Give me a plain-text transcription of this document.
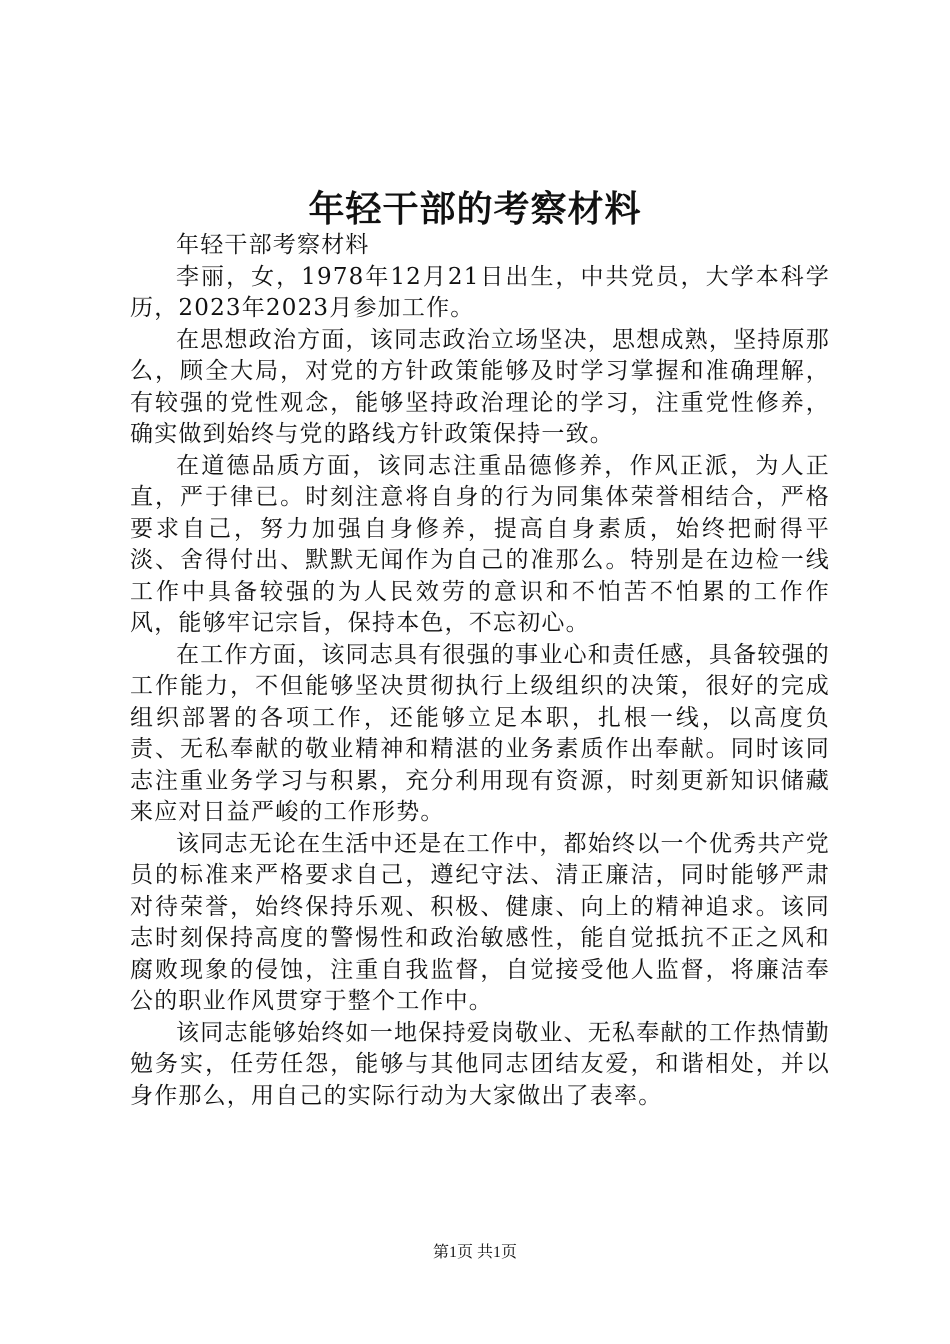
年轻干部的考察材料

年轻干部考察材料

李丽，女，1978年12月21日出生，中共党员，大学本科学历，2023年2023月参加工作。

在思想政治方面，该同志政治立场坚决，思想成熟，坚持原那么，顾全大局，对党的方针政策能够及时学习掌握和准确理解，有较强的党性观念，能够坚持政治理论的学习，注重党性修养，确实做到始终与党的路线方针政策保持一致。

在道德品质方面，该同志注重品德修养，作风正派，为人正直，严于律已。时刻注意将自身的行为同集体荣誉相结合，严格要求自己，努力加强自身修养，提高自身素质，始终把耐得平淡、舍得付出、默默无闻作为自己的准那么。特别是在边检一线工作中具备较强的为人民效劳的意识和不怕苦不怕累的工作作风，能够牢记宗旨，保持本色，不忘初心。

在工作方面，该同志具有很强的事业心和责任感，具备较强的工作能力，不但能够坚决贯彻执行上级组织的决策，很好的完成组织部署的各项工作，还能够立足本职，扎根一线，以高度负责、无私奉献的敬业精神和精湛的业务素质作出奉献。同时该同志注重业务学习与积累，充分利用现有资源，时刻更新知识储藏来应对日益严峻的工作形势。

该同志无论在生活中还是在工作中，都始终以一个优秀共产党员的标准来严格要求自己，遵纪守法、清正廉洁，同时能够严肃对待荣誉，始终保持乐观、积极、健康、向上的精神追求。该同志时刻保持高度的警惕性和政治敏感性，能自觉抵抗不正之风和腐败现象的侵蚀，注重自我监督，自觉接受他人监督，将廉洁奉公的职业作风贯穿于整个工作中。

该同志能够始终如一地保持爱岗敬业、无私奉献的工作热情勤勉务实，任劳任怨，能够与其他同志团结友爱，和谐相处，并以身作那么，用自己的实际行动为大家做出了表率。

第1页 共1页
